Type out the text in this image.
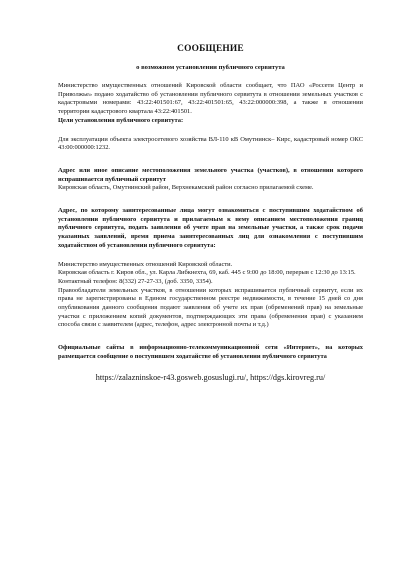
СООБЩЕНИЕ
о возможном установлении публичного сервитута

Министерство имущественных отношений Кировской области сообщает, что ПАО «Россети Центр и Приволжье» подано ходатайство об установлении публичного сервитута в отношении земельных участков с кадастровыми номерами: 43:22:401501:67, 43:22:401501:65, 43:22:000000:398, а также в отношении территории кадастрового квартала 43:22:401501.

Цели установления публичного сервитута:

Для эксплуатации объекта электросетевого хозяйства ВЛ-110 кВ Омутнинск– Кирс, кадастровый номер ОКС 43:00:000000:1232.

Адрес или иное описание местоположения земельного участка (участков), в отношении которого испрашивается публичный сервитут

Кировская область, Омутнинский район, Верхнекамский район согласно прилагаемой схеме.

Адрес, по которому заинтересованные лица могут ознакомиться с поступившим ходатайством об установлении публичного сервитута и прилагаемым к нему описанием местоположения границ публичного сервитута, подать заявления об учете прав на земельные участки, а также срок подачи указанных заявлений, время приема заинтересованных лиц для ознакомления с поступившим ходатайством об установлении публичного сервитута:

Министерство имущественных отношений Кировской области.

Кировская область г. Киров обл., ул. Карла Либкнехта, 69, каб. 445 с 9:00 до 18:00, перерыв с 12:30 до 13:15.

Контактный телефон: 8(332) 27-27-33, (доб. 3350, 3354).

Правообладатели земельных участков, в отношении которых испрашивается публичный сервитут, если их права не зарегистрированы в Едином государственном реестре недвижимости, в течение 15 дней со дня опубликования данного сообщения подают заявления об учете их прав (обременений прав) на земельные участки с приложением копий документов, подтверждающих эти права (обременения прав) с указанием способа связи с заявителем (адрес, телефон, адрес электронной почты и т.д.)

Официальные сайты в информационно-телекоммуникационной сети «Интернет», на которых размещается сообщение о поступившем ходатайстве об установлении публичного сервитута

https://zalazninskoe-r43.gosweb.gosuslugi.ru/, https://dgs.kirovreg.ru/
